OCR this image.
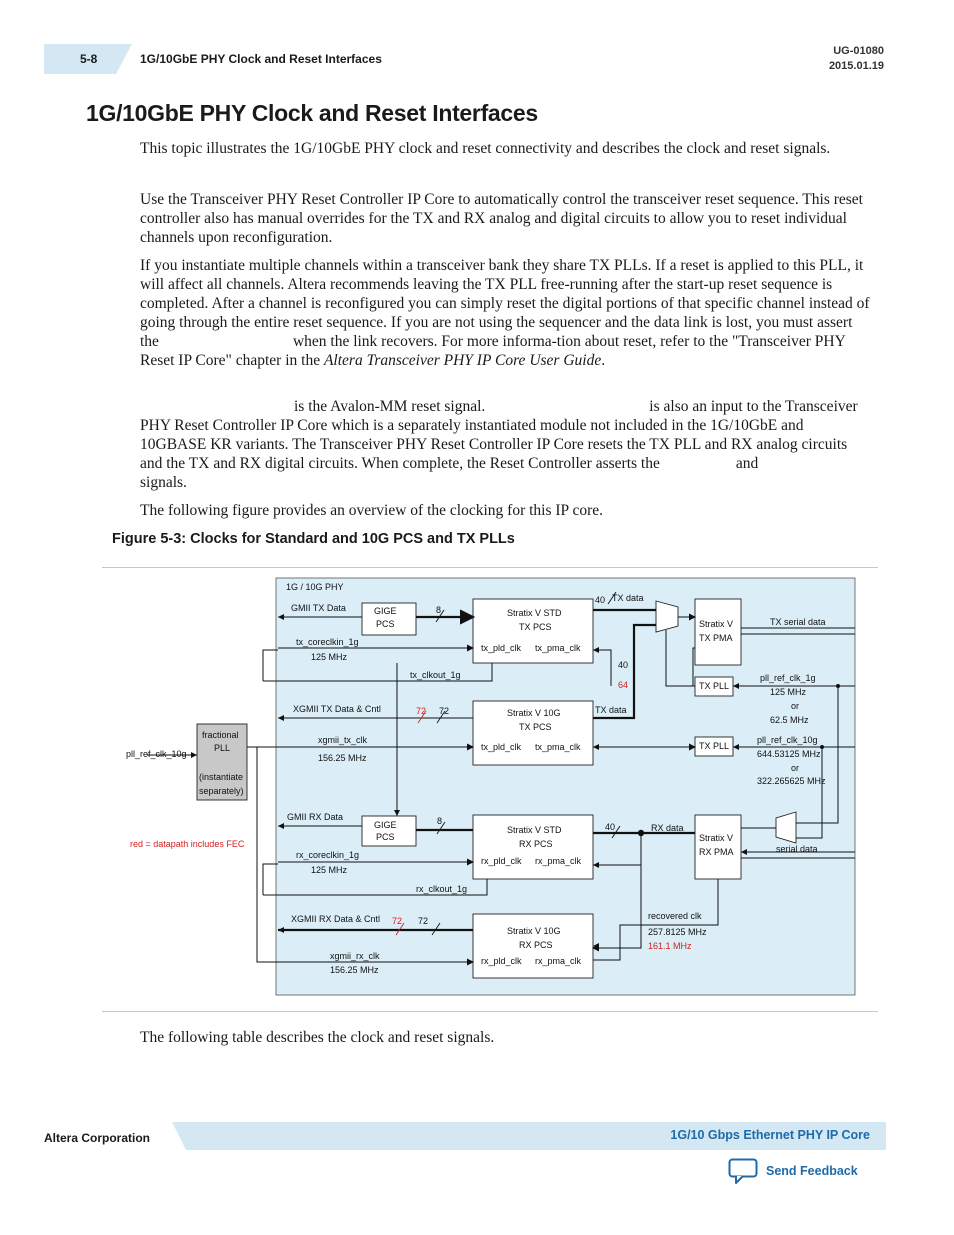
5-8	1G/10GbE PHY Clock and Reset Interfaces
UG-01080
2015.01.19
1G/10GbE PHY Clock and Reset Interfaces

This topic illustrates the 1G/10GbE PHY clock and reset connectivity and describes the clock and reset signals.

Use the Transceiver PHY Reset Controller IP Core to automatically control the transceiver reset sequence. This reset controller also has manual overrides for the TX and RX analog and digital circuits to allow you to reset individual channels upon reconfiguration.

If you instantiate multiple channels within a transceiver bank they share TX PLLs. If a reset is applied to this PLL, it will affect all channels. Altera recommends leaving the TX PLL free-running after the start-up reset sequence is completed. After a channel is reconfigured you can simply reset the digital portions of that specific channel instead of going through the entire reset sequence. If you are not using the sequencer and the data link is lost, you must assert the	when the link recovers. For more informa-tion about reset, refer to the "Transceiver PHY Reset IP Core" chapter in the Altera Transceiver PHY IP Core User Guide.

is the Avalon-MM reset signal.	is also an input to the Transceiver PHY Reset Controller IP Core which is a separately instantiated module not included in the 1G/10GbE and 10GBASE KR variants. The Transceiver PHY Reset Controller IP Core resets the TX PLL and RX analog circuits and the TX and RX digital circuits. When complete, the Reset Controller asserts the	andsignals.

The following figure provides an overview of the clocking for this IP core.

Figure 5-3: Clocks for Standard and 10G PCS and TX PLLs
1G / 10G PHY
GMII TX Data	GIGE
PCS
8
40 TX data
Stratix V STD
TX PCS
tx_pld_clk tx_pma_clk
Stratix V
TX PMA
TX serial data
tx_coreclkin_1g
125 MHz
tx_clkout_1g
40
64	TX PLL
pll_ref_clk_1g
125 MHz
or
62.5 MHz
XGMII TX Data & Cntl	72 72	Stratix V 10G
TX PCS
tx_pld_clk tx_pma_clk
TX data
fractional
PLL
(instantiate
separately)
pll_ref_clk_10g
xgmii_tx_clk
156.25 MHz
TX PLL
pll_ref_clk_10g
644.53125 MHz
or
322.265625 MHz
GMII RX Data
GIGE
PCS
8
Stratix V STD
RX PCS
rx_pld_clk rx_pma_clk
40	RX data
Stratix V
RX PMA	serial data
red = datapath includes FEC
rx_coreclkin_1g
125 MHz
rx_clkout_1g
XGMII RX Data & Cntl 72 72
Stratix V 10G
RX PCS
rx_pld_clk rx_pma_clk
recovered clk
257.8125 MHz
161.1 MHz
xgmii_rx_clk
156.25 MHz

The following table describes the clock and reset signals.

Altera Corporation	1G/10 Gbps Ethernet PHY IP Core
Send Feedback
